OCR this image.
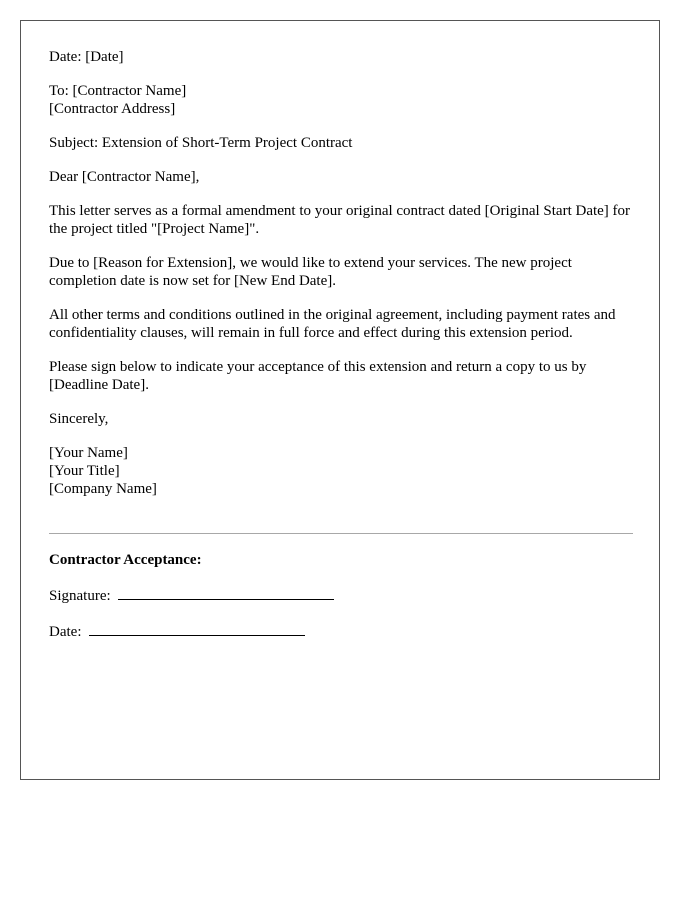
Date: [Date]

To: [Contractor Name]
[Contractor Address]

Subject: Extension of Short-Term Project Contract

Dear [Contractor Name],

This letter serves as a formal amendment to your original contract dated [Original Start Date] for the project titled "[Project Name]".

Due to [Reason for Extension], we would like to extend your services. The new project completion date is now set for [New End Date].

All other terms and conditions outlined in the original agreement, including payment rates and confidentiality clauses, will remain in full force and effect during this extension period.

Please sign below to indicate your acceptance of this extension and return a copy to us by [Deadline Date].

Sincerely,

[Your Name]
[Your Title]
[Company Name]

Contractor Acceptance:

Signature:

Date:
